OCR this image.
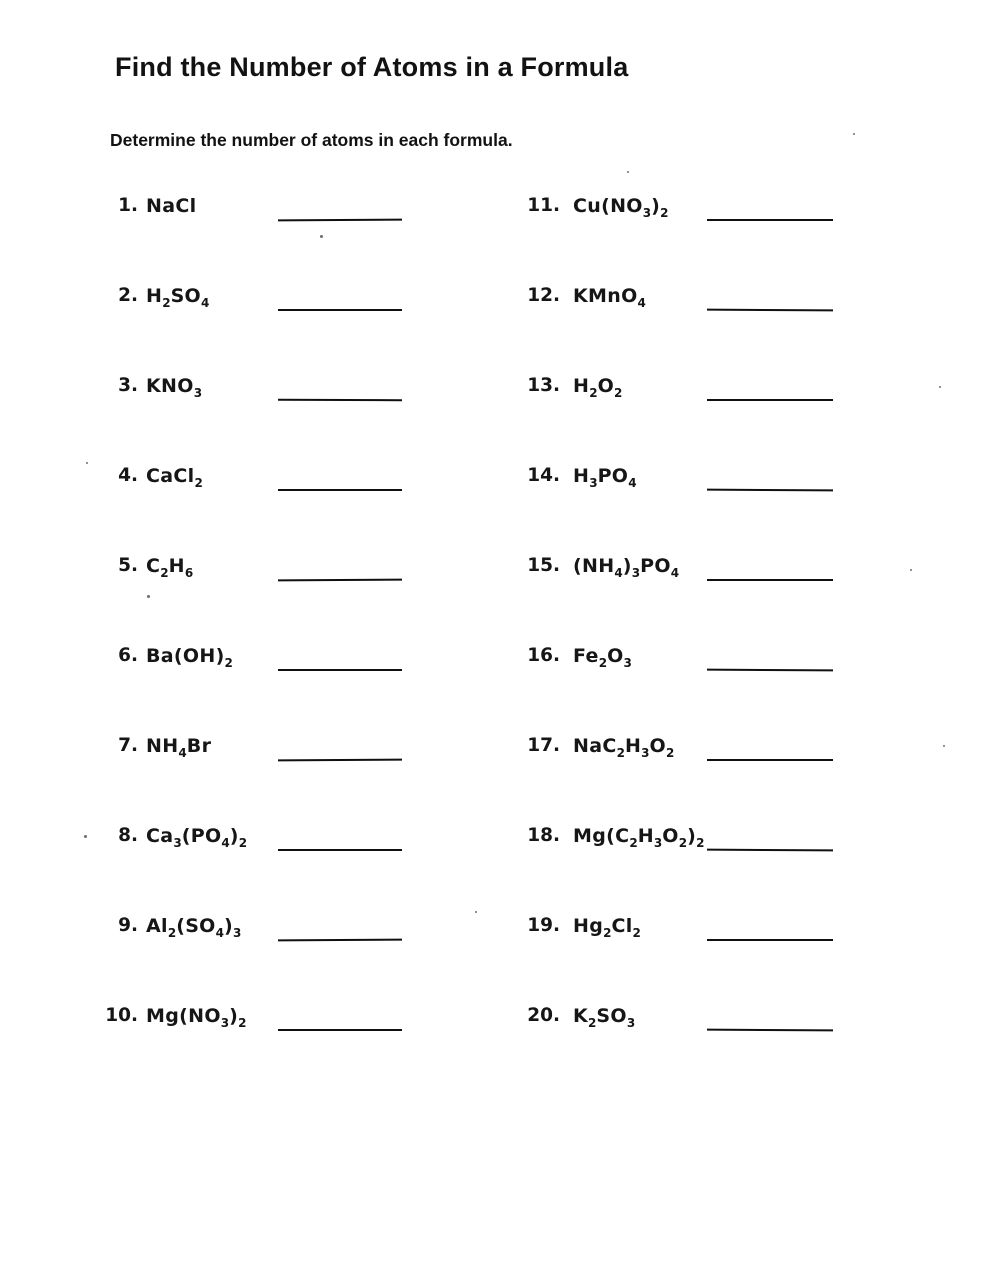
Find the Number of Atoms in a Formula

Determine the number of atoms in each formula.

1. NaCl	11. $Cu(NO_3)_2$
2. $H_2SO_4$	12. KMnO$_4$
3. $KNO_3$	13. $H_2O_2$
4. CaCl$_2$	14. $H_3PO_4$
5. $C_2H_6$	15. $(NH_4)_3PO_4$
6. $Ba(OH)_2$	16. $Fe_2O_3$
7. $NH_4Br$	17. $NaC_2H_3O_2$
8. $Ca_3(PO_4)_2$	18. $Mg(C_2H_3O_2)_2$
9. $Al_2(SO_4)_3$	19. $Hg_2Cl_2$
10. $Mg(NO_3)_2$	20. $K_2SO_3$
